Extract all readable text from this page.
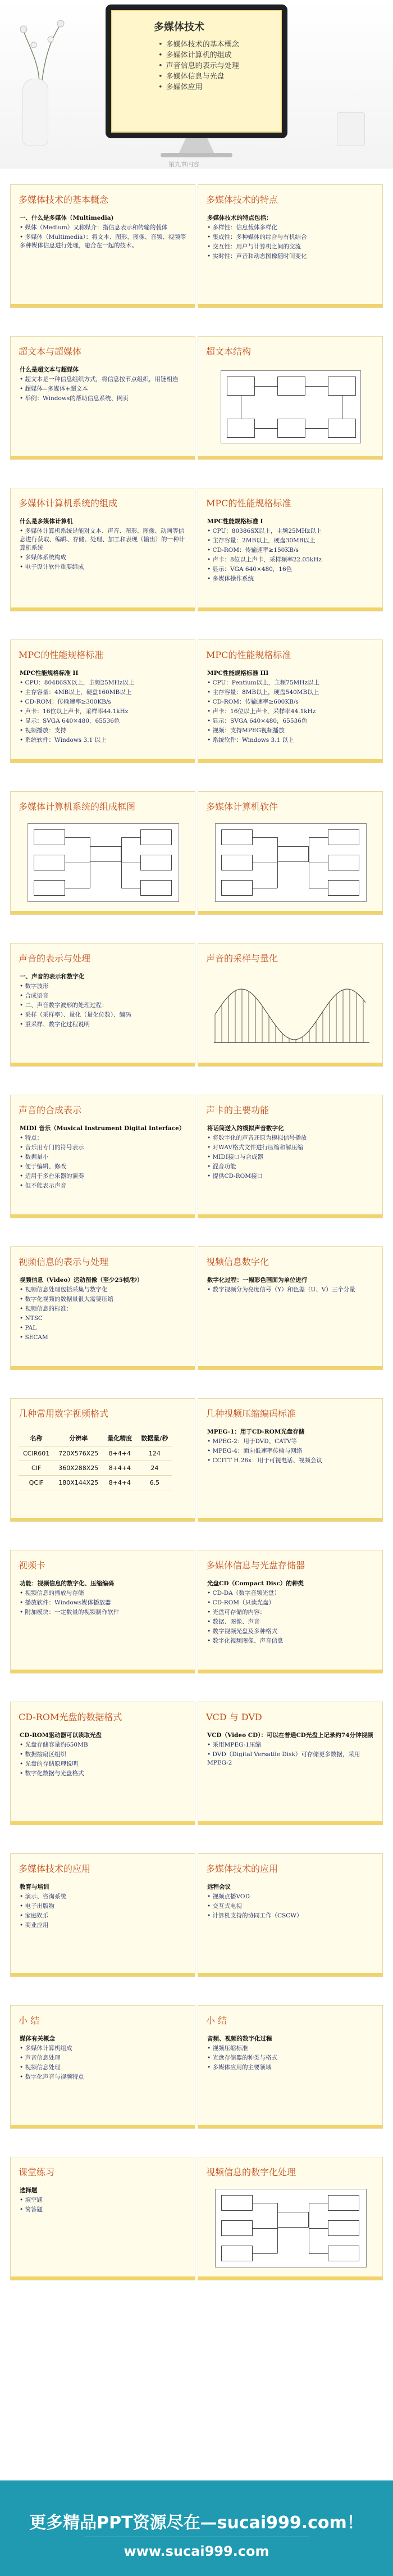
多媒体技术
• 多媒体技术的基本概念
• 多媒体计算机的组成
• 声音信息的表示与处理
• 多媒体信息与光盘
• 多媒体应用
第九章内容
多媒体技术的基本概念

一、什么是多媒体（Multimedia)

• 媒体（Medium）又称媒介：指信息表示和传输的载体

• 多媒体（Multimedia）：将文本、图形、图像、音频、视频等多种媒体信息进行处理，融合在一起的技术。

多媒体技术的特点

多媒体技术的特点包括：

• 多样性：信息载体多样化

• 集成性：多种媒体的综合与有机结合

• 交互性：用户与计算机之间的交流

• 实时性：声音和动态图像随时间变化

超文本与超媒体

什么是超文本与超媒体

• 超文本是一种信息组织方式，将信息按节点组织，用链相连

• 超媒体=多媒体+超文本

• 举例：Windows的帮助信息系统、网页

超文本结构
多媒体计算机系统的组成

什么是多媒体计算机

• 多媒体计算机系统是能对文本、声音、图形、图像、动画等信息进行获取、编辑、存储、处理、加工和表现（输出）的一种计算机系统

• 多媒体系统构成

• 电子设计软件重要组成

MPC的性能规格标准

MPC性能规格标准 I

• CPU：80386SX以上，主频25MHz以上

• 主存容量：2MB以上，硬盘30MB以上

• CD-ROM：传输速率≥150KB/s

• 声卡：8位以上声卡，采样频率22.05kHz

• 显示：VGA 640×480，16色

• 多媒体操作系统

MPC的性能规格标准

MPC性能规格标准 II

• CPU：80486SX以上，主频25MHz以上

• 主存容量：4MB以上，硬盘160MB以上

• CD-ROM：传输速率≥300KB/s

• 声卡：16位以上声卡，采样率44.1kHz

• 显示：SVGA 640×480，65536色

• 视频播放：支持

• 系统软件：Windows 3.1 以上

MPC的性能规格标准

MPC性能规格标准 III

• CPU：Pentium以上，主频75MHz以上

• 主存容量：8MB以上，硬盘540MB以上

• CD-ROM：传输速率≥600KB/s

• 声卡：16位以上声卡，采样率44.1kHz

• 显示：SVGA 640×480，65536色

• 视频：支持MPEG视频播放

• 系统软件：Windows 3.1 以上

多媒体计算机系统的组成框图	多媒体计算机软件
声音的表示与处理

一、声音的表示和数字化

• 数字波形

• 合成语音

• 二、声音数字波形的处理过程：

• 采样（采样率）、量化（量化位数）、编码

• 重采样、数字化过程说明

声音的采样与量化
声音的合成表示

MIDI 音乐（Musical Instrument Digital Interface）

• 特点：

• 音乐用专门的符号表示

• 数据量小

• 便于编辑、修改

• 适用于多台乐器的演奏

• 但不能表示声音

声卡的主要功能

将话筒送入的模拟声音数字化

• 将数字化的声音还原为模拟信号播放

• 对WAV格式文件进行压缩和解压缩

• MIDI接口与合成器

• 混音功能

• 提供CD-ROM接口

视频信息的表示与处理

视频信息（Video）运动图像（至少25帧/秒）

• 视频信息处理包括采集与数字化

• 数字化视频的数据量很大需要压缩

• 视频信息的标准：

• NTSC

• PAL

• SECAM

视频信息数字化

数字化过程：一幅彩色画面为单位进行

• 数字视频分为亮度信号（Y）和色差（U、V）三个分量

几种常用数字视频格式
名称	分辨率	量化精度	数据量/秒
CCIR601	720X576X25	8+4+4	124
CIF	360X288X25	8+4+4	24
QCIF	180X144X25	8+4+4	6.5
几种视频压缩编码标准

MPEG-1：用于CD-ROM光盘存储

• MPEG-2：用于DVD、CATV等

• MPEG-4：面向低速率传输与网络

• CCITT H.26x：用于可视电话、视频会议

视频卡

功能：视频信息的数字化、压缩编码

• 视频信息的播放与存储

• 播放软件：Windows媒体播放器

• 附加模块：一定数量的视频制作软件

多媒体信息与光盘存储器

光盘CD（Compact Disc）的种类

• CD-DA（数字音频光盘）

• CD-ROM（只读光盘）

• 光盘可存储的内容：

• 数据、图像、声音

• 数字视频光盘及多种格式

• 数字化视频图像、声音信息

CD-ROM光盘的数据格式

CD-ROM驱动器可以读取光盘

• 光盘存储容量约650MB

• 数据按扇区组织

• 光盘的存储原理说明

• 数字化数据与光盘格式

VCD 与 DVD

VCD（Video CD）：可以在普通CD光盘上记录约74分钟视频

• 采用MPEG-1压缩

• DVD（Digital Versatile Disk）可存储更多数据，采用MPEG-2

多媒体技术的应用

教育与培训

• 演示、咨询系统

• 电子出版物

• 家庭娱乐

• 商业应用

多媒体技术的应用

远程会议

• 视频点播VOD

• 交互式电视

• 计算机支持的协同工作（CSCW）

小 结

媒体有关概念

• 多媒体计算机组成

• 声音信息处理

• 视频信息处理

• 数字化声音与视频特点

小 结

音频、视频的数字化过程

• 视频压缩标准

• 光盘存储器的种类与格式

• 多媒体应用的主要领域

课堂练习

选择题

• 填空题

• 简答题

视频信息的数字化处理
更多精品PPT资源尽在—sucai999.com！
www.sucai999.com
